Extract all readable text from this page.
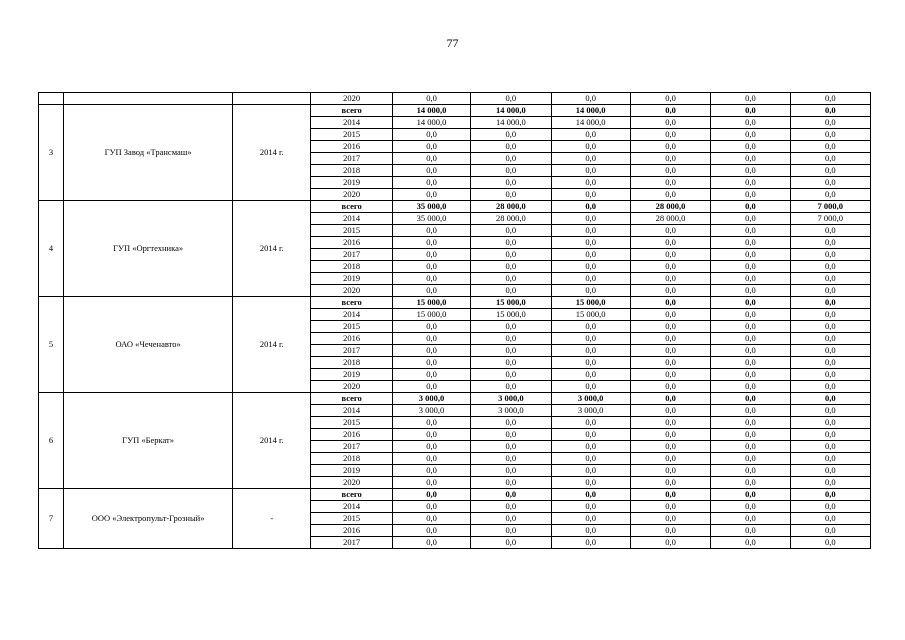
77
			2020	0,0	0,0	0,0	0,0	0,0	0,0
3	ГУП Завод «Трансмаш»	2014 г.	всего	14 000,0	14 000,0	14 000,0	0,0	0,0	0,0
			2014	14 000,0	14 000,0	14 000,0	0,0	0,0	0,0
			2015	0,0	0,0	0,0	0,0	0,0	0,0
			2016	0,0	0,0	0,0	0,0	0,0	0,0
			2017	0,0	0,0	0,0	0,0	0,0	0,0
			2018	0,0	0,0	0,0	0,0	0,0	0,0
			2019	0,0	0,0	0,0	0,0	0,0	0,0
			2020	0,0	0,0	0,0	0,0	0,0	0,0
4	ГУП «Оргтехника»	2014 г.	всего	35 000,0	28 000,0	0,0	28 000,0	0,0	7 000,0
			2014	35 000,0	28 000,0	0,0	28 000,0	0,0	7 000,0
			2015	0,0	0,0	0,0	0,0	0,0	0,0
			2016	0,0	0,0	0,0	0,0	0,0	0,0
			2017	0,0	0,0	0,0	0,0	0,0	0,0
			2018	0,0	0,0	0,0	0,0	0,0	0,0
			2019	0,0	0,0	0,0	0,0	0,0	0,0
			2020	0,0	0,0	0,0	0,0	0,0	0,0
5	ОАО «Чеченавто»	2014 г.	всего	15 000,0	15 000,0	15 000,0	0,0	0,0	0,0
			2014	15 000,0	15 000,0	15 000,0	0,0	0,0	0,0
			2015	0,0	0,0	0,0	0,0	0,0	0,0
			2016	0,0	0,0	0,0	0,0	0,0	0,0
			2017	0,0	0,0	0,0	0,0	0,0	0,0
			2018	0,0	0,0	0,0	0,0	0,0	0,0
			2019	0,0	0,0	0,0	0,0	0,0	0,0
			2020	0,0	0,0	0,0	0,0	0,0	0,0
6	ГУП «Беркат»	2014 г.	всего	3 000,0	3 000,0	3 000,0	0,0	0,0	0,0
			2014	3 000,0	3 000,0	3 000,0	0,0	0,0	0,0
			2015	0,0	0,0	0,0	0,0	0,0	0,0
			2016	0,0	0,0	0,0	0,0	0,0	0,0
			2017	0,0	0,0	0,0	0,0	0,0	0,0
			2018	0,0	0,0	0,0	0,0	0,0	0,0
			2019	0,0	0,0	0,0	0,0	0,0	0,0
			2020	0,0	0,0	0,0	0,0	0,0	0,0
7	ООО «Электропульт-Грозный»	-	всего	0,0	0,0	0,0	0,0	0,0	0,0
			2014	0,0	0,0	0,0	0,0	0,0	0,0
			2015	0,0	0,0	0,0	0,0	0,0	0,0
			2016	0,0	0,0	0,0	0,0	0,0	0,0
			2017	0,0	0,0	0,0	0,0	0,0	0,0
